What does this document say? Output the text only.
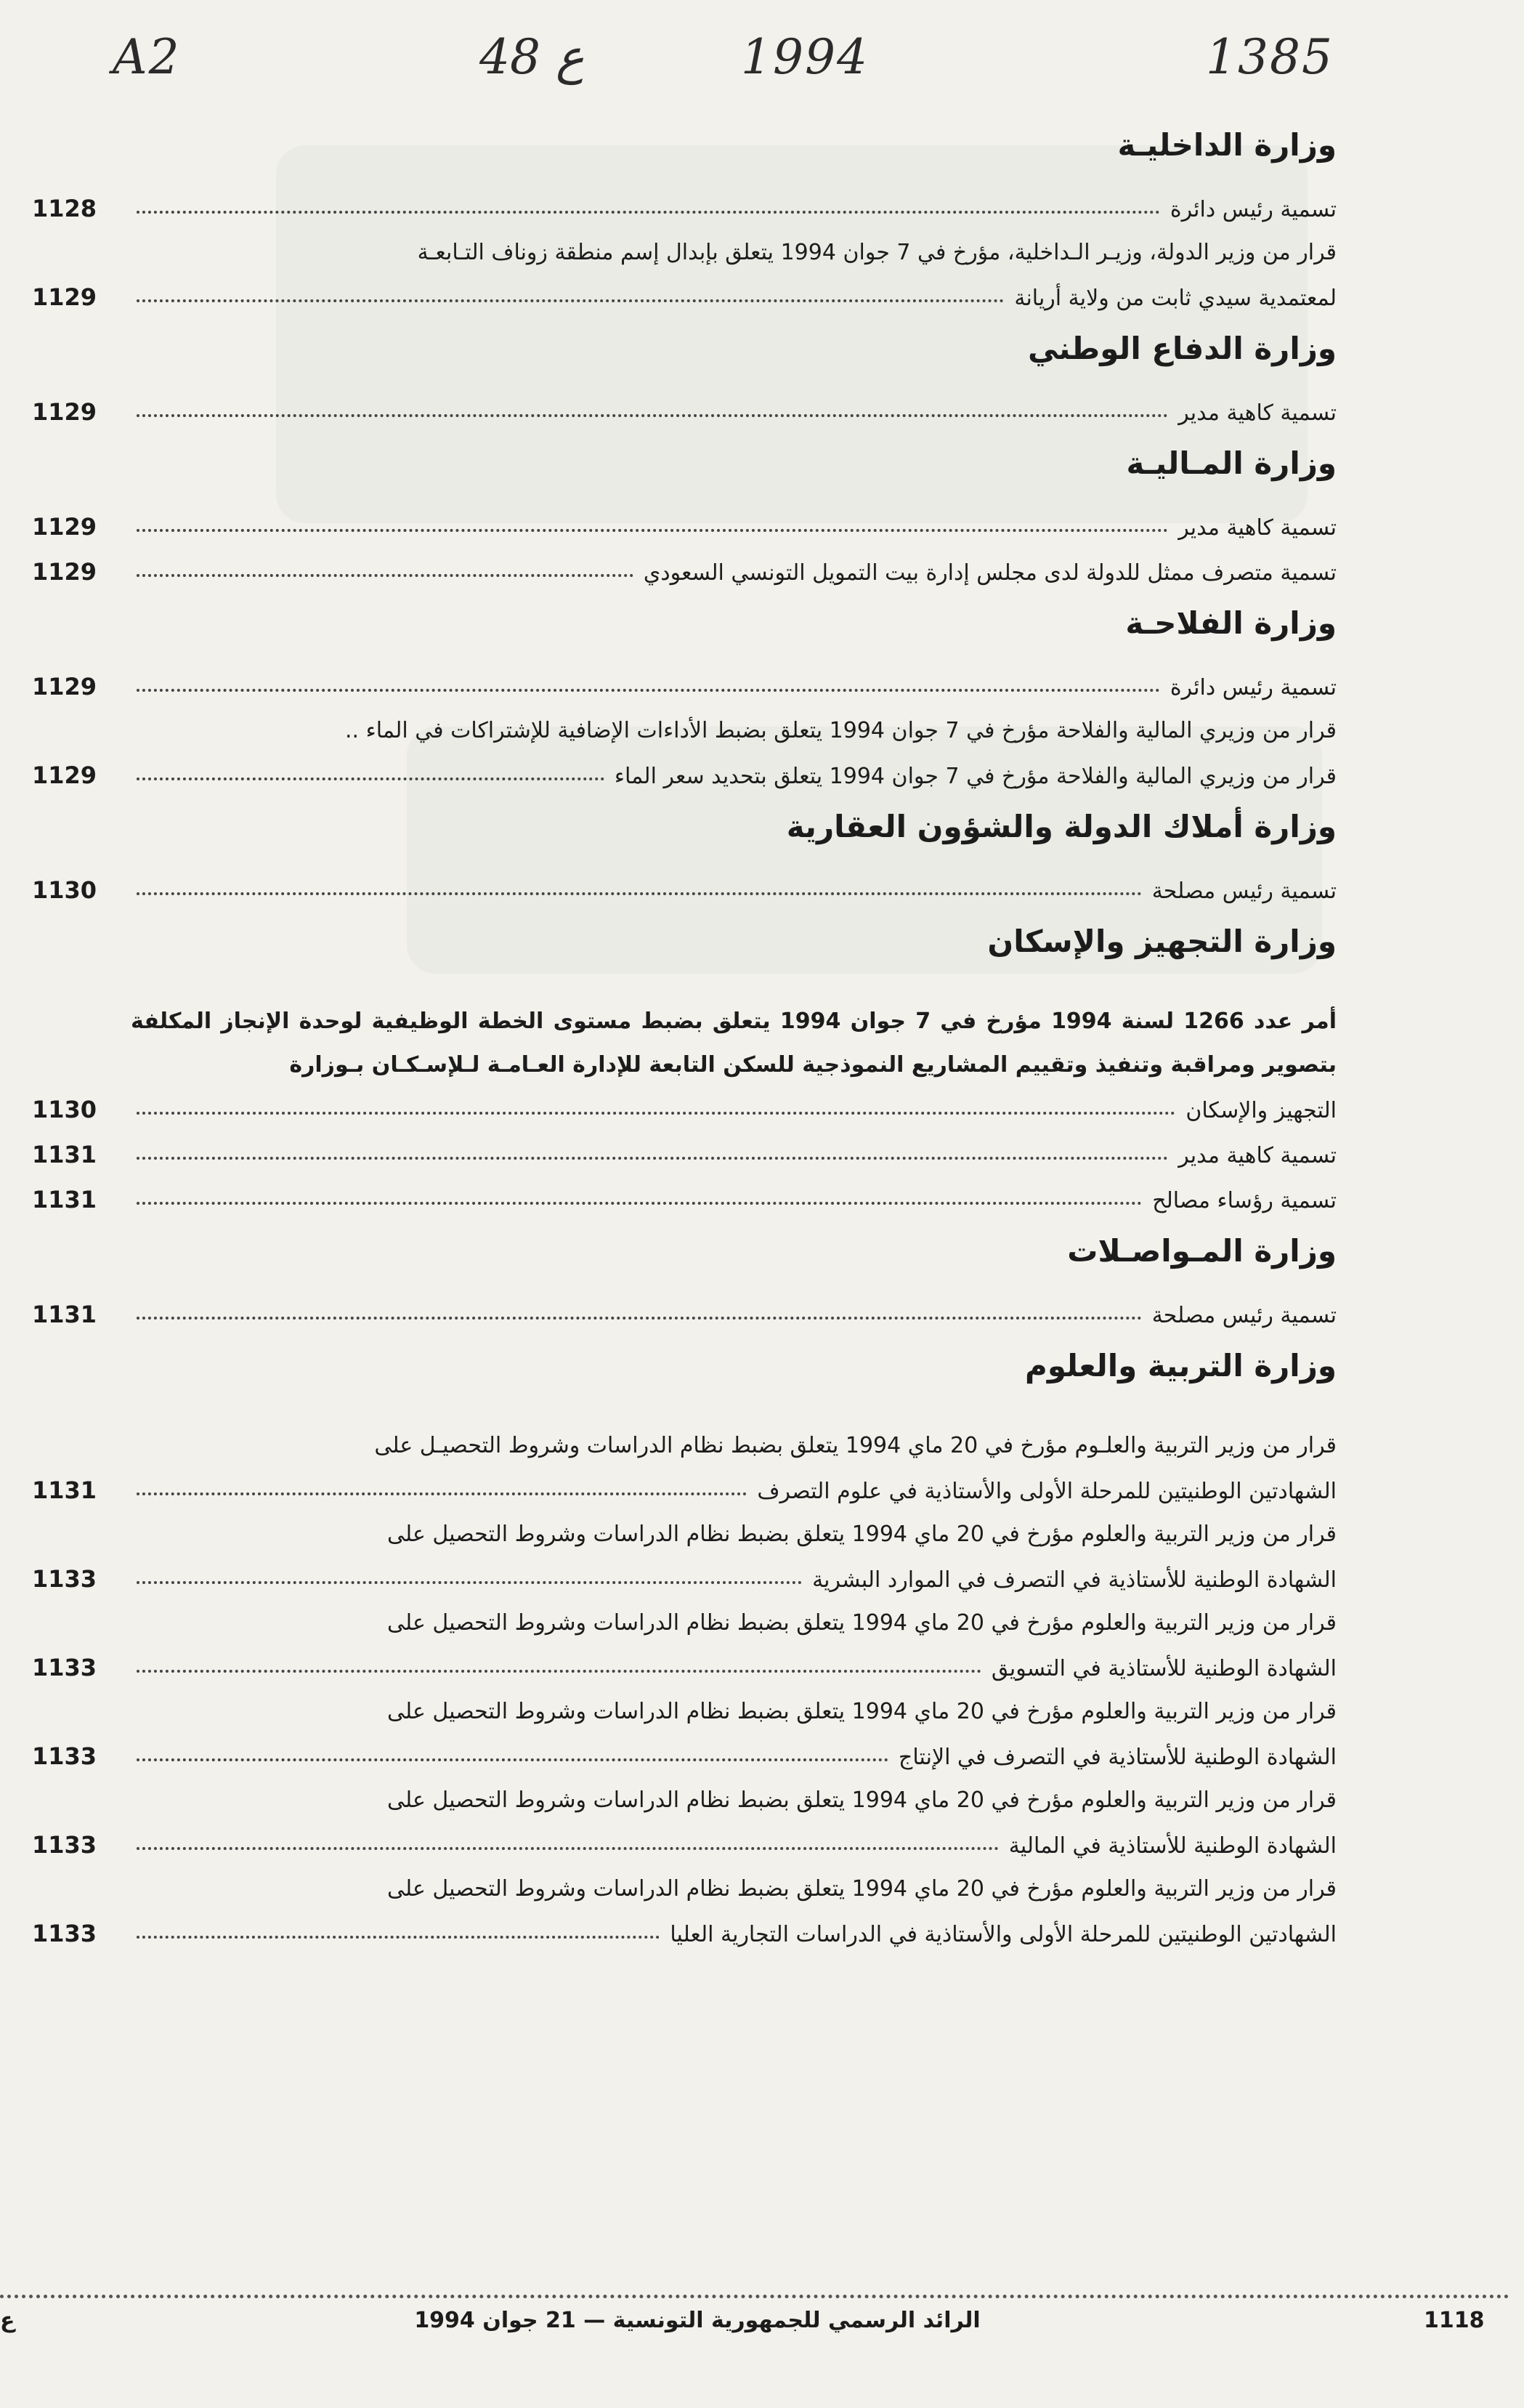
A2	48 ع	1994	1385
وزارة الداخليـة
1128	تسمية رئيس دائرة

قرار من وزير الدولة، وزيـر الـداخلية، مؤرخ في 7 جوان 1994 يتعلق بإبدال إسم منطقة زوناف التـابعـة

1129	لمعتمدية سيدي ثابت من ولاية أريانة
وزارة الدفاع الوطني
1129	تسمية كاهية مدير
وزارة المـاليـة
1129	تسمية كاهية مدير
1129	تسمية متصرف ممثل للدولة لدى مجلس إدارة بيت التمويل التونسي السعودي
وزارة الفلاحـة
1129	تسمية رئيس دائرة

قرار من وزيري المالية والفلاحة مؤرخ في 7 جوان 1994 يتعلق بضبط الأداءات الإضافية للإشتراكات في الماء ..

1129	قرار من وزيري المالية والفلاحة مؤرخ في 7 جوان 1994 يتعلق بتحديد سعر الماء
وزارة أملاك الدولة والشؤون العقارية
1130	تسمية رئيس مصلحة
وزارة التجهيز والإسكان

أمر عدد 1266 لسنة 1994 مؤرخ في 7 جوان 1994 يتعلق بضبط مستوى الخطة الوظيفية لوحدة الإنجاز المكلفة بتصوير ومراقبة وتنفيذ وتقييم المشاريع النموذجية للسكن التابعة للإدارة العـامـة لـلإسـكـان بـوزارة

1130	التجهيز والإسكان
1131	تسمية كاهية مدير
1131	تسمية رؤساء مصالح
وزارة المـواصـلات
1131	تسمية رئيس مصلحة
وزارة التربية والعلوم

قرار من وزير التربية والعلـوم مؤرخ في 20 ماي 1994 يتعلق بضبط نظام الدراسات وشروط التحصيـل على

1131	الشهادتين الوطنيتين للمرحلة الأولى والأستاذية في علوم التصرف

قرار من وزير التربية والعلوم مؤرخ في 20 ماي 1994 يتعلق بضبط نظام الدراسات وشروط التحصيل على

1133	الشهادة الوطنية للأستاذية في التصرف في الموارد البشرية

قرار من وزير التربية والعلوم مؤرخ في 20 ماي 1994 يتعلق بضبط نظام الدراسات وشروط التحصيل على

1133	الشهادة الوطنية للأستاذية في التسويق

قرار من وزير التربية والعلوم مؤرخ في 20 ماي 1994 يتعلق بضبط نظام الدراسات وشروط التحصيل على

1133	الشهادة الوطنية للأستاذية في التصرف في الإنتاج

قرار من وزير التربية والعلوم مؤرخ في 20 ماي 1994 يتعلق بضبط نظام الدراسات وشروط التحصيل على

1133	الشهادة الوطنية للأستاذية في المالية

قرار من وزير التربية والعلوم مؤرخ في 20 ماي 1994 يتعلق بضبط نظام الدراسات وشروط التحصيل على

1133	الشهادتين الوطنيتين للمرحلة الأولى والأستاذية في الدراسات التجارية العليا
ع	الرائد الرسمي للجمهورية التونسية — 21 جوان 1994	1118
